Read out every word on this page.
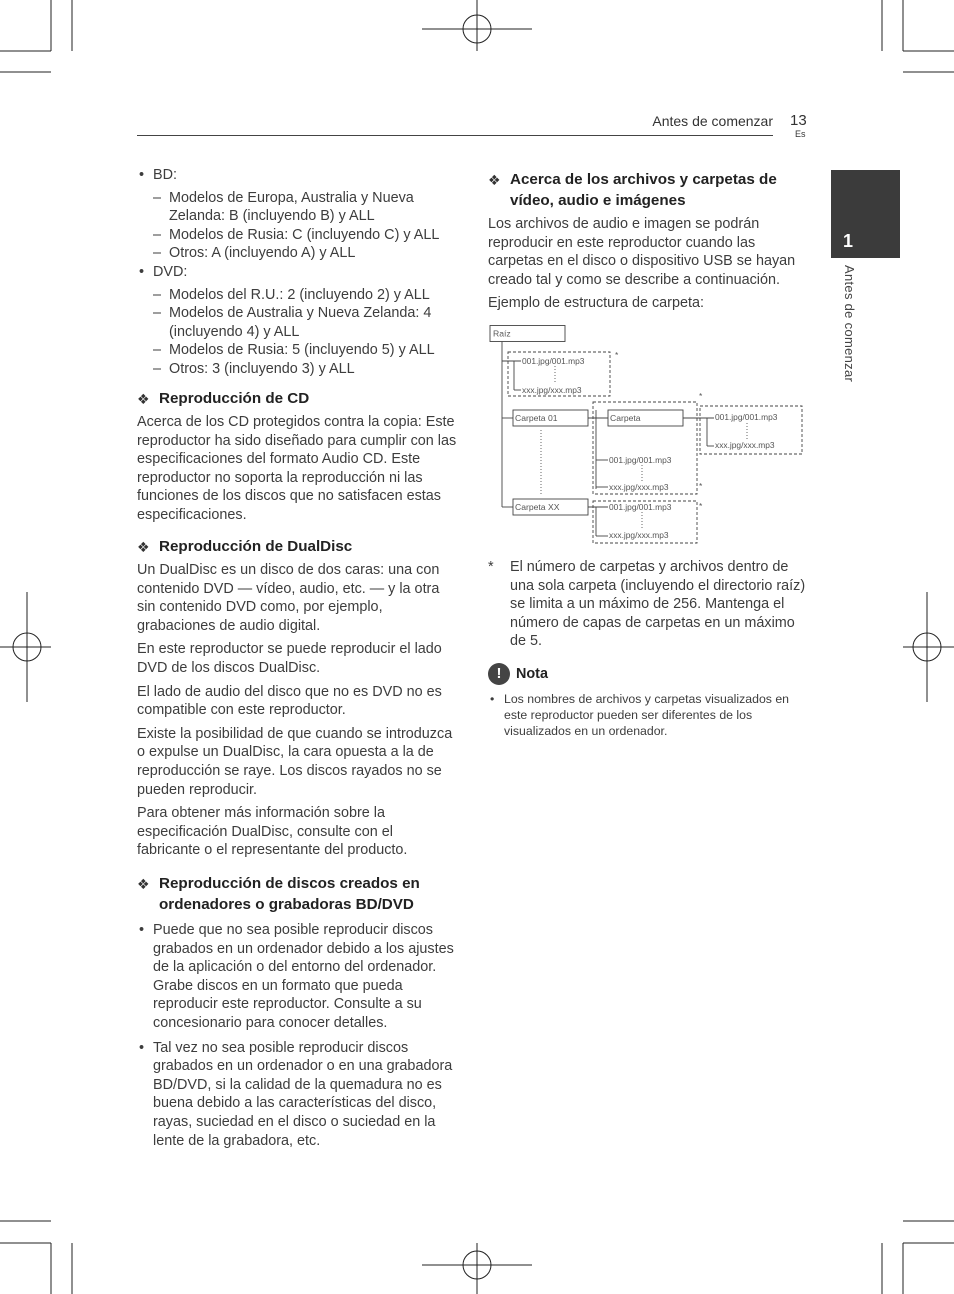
Antes de comenzar 13
Es
1
Antes de comenzar
• BD:
– Modelos de Europa, Australia y Nueva Zelanda: B (incluyendo B) y ALL
– Modelos de Rusia: C (incluyendo C) y ALL
– Otros: A (incluyendo A) y ALL
• DVD:
– Modelos del R.U.: 2 (incluyendo 2) y ALL
– Modelos de Australia y Nueva Zelanda: 4 (incluyendo 4) y ALL
– Modelos de Rusia: 5 (incluyendo 5) y ALL
– Otros: 3 (incluyendo 3) y ALL
❖ Reproducción de CD

Acerca de los CD protegidos contra la copia: Este reproductor ha sido diseñado para cumplir con las especificaciones del formato Audio CD. Este reproductor no soporta la reproducción ni las funciones de los discos que no satisfacen estas especificaciones.

❖ Reproducción de DualDisc

Un DualDisc es un disco de dos caras: una con contenido DVD — vídeo, audio, etc. — y la otra sin contenido DVD como, por ejemplo, grabaciones de audio digital.

En este reproductor se puede reproducir el lado DVD de los discos DualDisc.

El lado de audio del disco que no es DVD no es compatible con este reproductor.

Existe la posibilidad de que cuando se introduzca o expulse un DualDisc, la cara opuesta a la de reproducción se raye. Los discos rayados no se pueden reproducir.

Para obtener más información sobre la especificación DualDisc, consulte con el fabricante o el representante del producto.

❖ Reproducción de discos creados en ordenadores o grabadoras BD/DVD
• Puede que no sea posible reproducir discos grabados en un ordenador debido a los ajustes de la aplicación o del entorno del ordenador. Grabe discos en un formato que pueda reproducir este reproductor. Consulte a su concesionario para conocer detalles.
• Tal vez no sea posible reproducir discos grabados en un ordenador o en una grabadora BD/DVD, si la calidad de la quemadura no es buena debido a las características del disco, rayas, suciedad en el disco o suciedad en la lente de la grabadora, etc.
❖ Acerca de los archivos y carpetas de vídeo, audio e imágenes

Los archivos de audio e imagen se podrán reproducir en este reproductor cuando las carpetas en el disco o dispositivo USB se hayan creado tal y como se describe a continuación.

Ejemplo de estructura de carpeta:

Raíz
001.jpg/001.mp3
xxx.jpg/xxx.mp3
*
Carpeta 01	Carpeta
*
001.jpg/001.mp3
xxx.jpg/xxx.mp3
001.jpg/001.mp3
xxx.jpg/xxx.mp3	*
Carpeta XX	001.jpg/001.mp3	*
xxx.jpg/xxx.mp3
* El número de carpetas y archivos dentro de una sola carpeta (incluyendo el directorio raíz) se limita a un máximo de 256. Mantenga el número de capas de carpetas en un máximo de 5.
!	Nota
• Los nombres de archivos y carpetas visualizados en este reproductor pueden ser diferentes de los visualizados en un ordenador.
